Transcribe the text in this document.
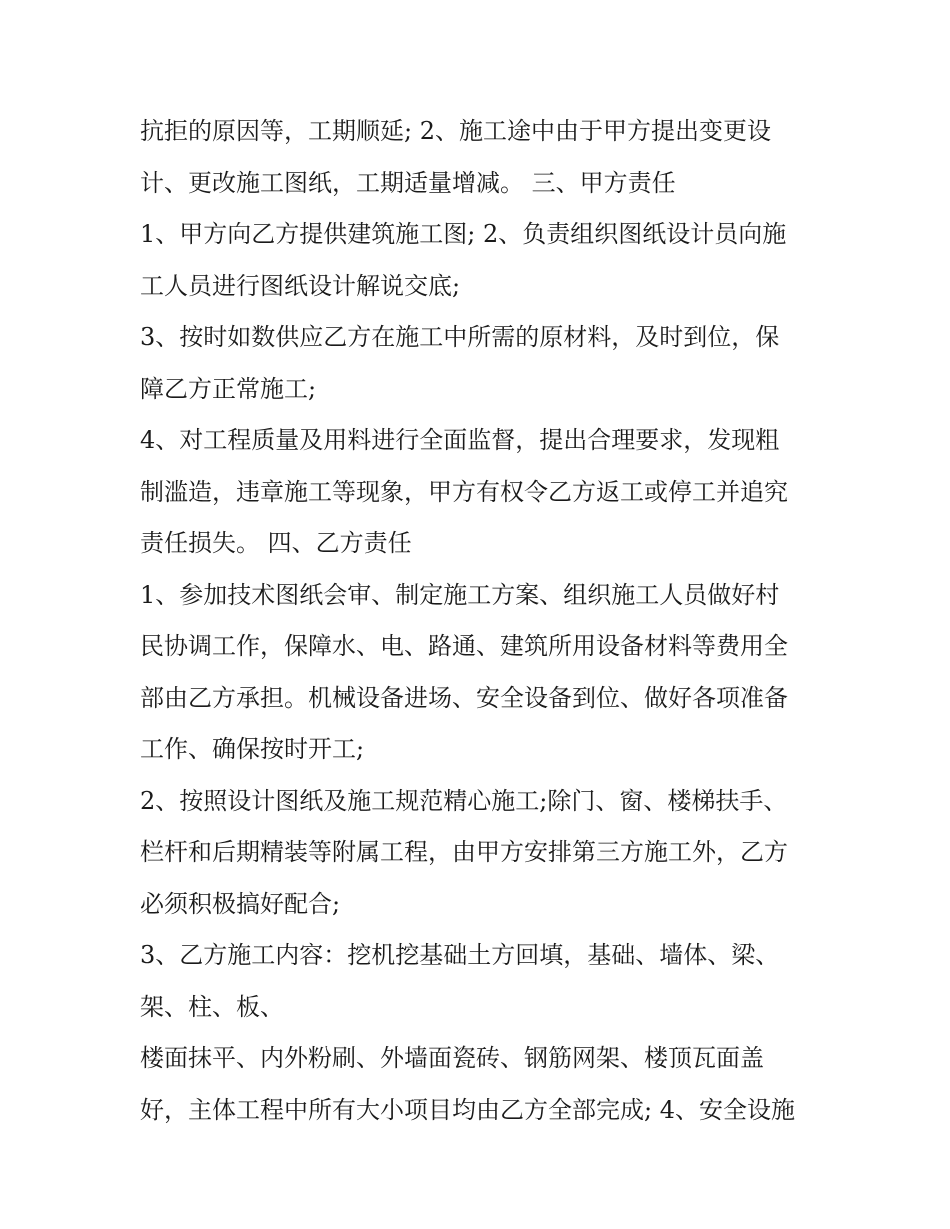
抗拒的原因等，工期顺延; 2、施工途中由于甲方提出变更设
计、更改施工图纸，工期适量增减。 三、甲方责任
1、甲方向乙方提供建筑施工图; 2、负责组织图纸设计员向施
工人员进行图纸设计解说交底;
3、按时如数供应乙方在施工中所需的原材料，及时到位，保
障乙方正常施工;
4、对工程质量及用料进行全面监督，提出合理要求，发现粗
制滥造，违章施工等现象，甲方有权令乙方返工或停工并追究
责任损失。 四、乙方责任
1、参加技术图纸会审、制定施工方案、组织施工人员做好村
民协调工作，保障水、电、路通、建筑所用设备材料等费用全
部由乙方承担。机械设备进场、安全设备到位、做好各项准备
工作、确保按时开工;
2、按照设计图纸及施工规范精心施工;除门、窗、楼梯扶手、
栏杆和后期精装等附属工程，由甲方安排第三方施工外，乙方
必须积极搞好配合;
3、乙方施工内容：挖机挖基础土方回填，基础、墙体、梁、
架、柱、板、
楼面抹平、内外粉刷、外墙面瓷砖、钢筋网架、楼顶瓦面盖
好，主体工程中所有大小项目均由乙方全部完成; 4、安全设施
